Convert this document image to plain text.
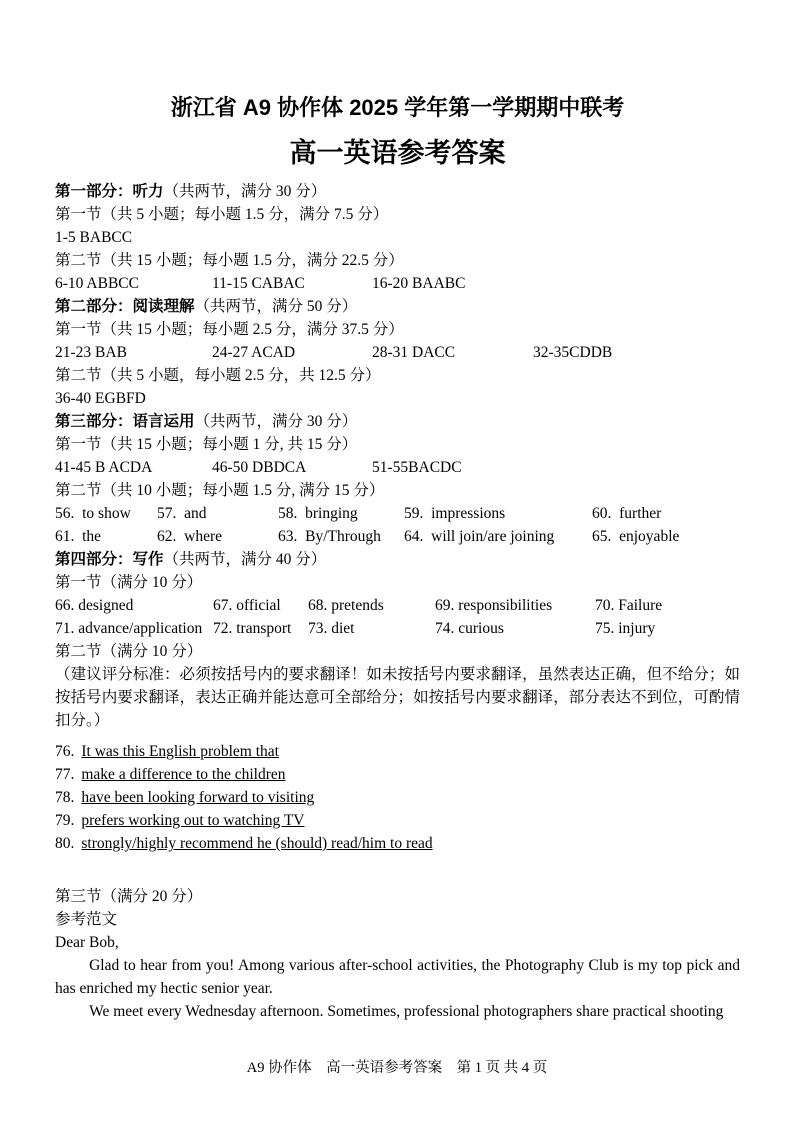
浙江省 A9 协作体 2025 学年第一学期期中联考
高一英语参考答案

第一部分：听力（共两节，满分 30 分）

第一节（共 5 小题；每小题 1.5 分，满分 7.5 分）

1-5 BABCC

第二节（共 15 小题；每小题 1.5 分，满分 22.5 分）

6-10 ABBCC	11-15 CABAC	16-20 BAABC

第二部分：阅读理解（共两节，满分 50 分）

第一节（共 15 小题；每小题 2.5 分，满分 37.5 分）

21-23 BAB	24-27 ACAD	28-31 DACC	32-35CDDB

第二节（共 5 小题，每小题 2.5 分，共 12.5 分）

36-40 EGBFD

第三部分：语言运用（共两节，满分 30 分）

第一节（共 15 小题；每小题 1 分, 共 15 分）

41-45 B ACDA	46-50 DBDCA	51-55BACDC

第二节（共 10 小题；每小题 1.5 分, 满分 15 分）

56.  to show	57.  and	58.  bringing	59.  impressions	60.  further
61.  the	62.  where	63.  By/Through	64.  will join/are joining	65.  enjoyable

第四部分：写作（共两节，满分 40 分）

第一节（满分 10 分）

66. designed	67. official	68. pretends	69. responsibilities	70. Failure
71. advance/application 72. transport	73. diet	74. curious	75. injury

第二节（满分 10 分）

（建议评分标准：必须按括号内的要求翻译！如未按括号内要求翻译，虽然表达正确，但不给分；如按括号内要求翻译，表达正确并能达意可全部给分；如按括号内要求翻译，部分表达不到位，可酌情扣分。）

76. It was this English problem that

77. make a difference to the children

78. have been looking forward to visiting

79. prefers working out to watching TV

80. strongly/highly recommend he (should) read/him to read

第三节（满分 20 分）

参考范文

Dear Bob,

Glad to hear from you! Among various after-school activities, the Photography Club is my top pick and has enriched my hectic senior year.

We meet every Wednesday afternoon. Sometimes, professional photographers share practical shooting

A9 协作体　高一英语参考答案　第 1 页 共 4 页
